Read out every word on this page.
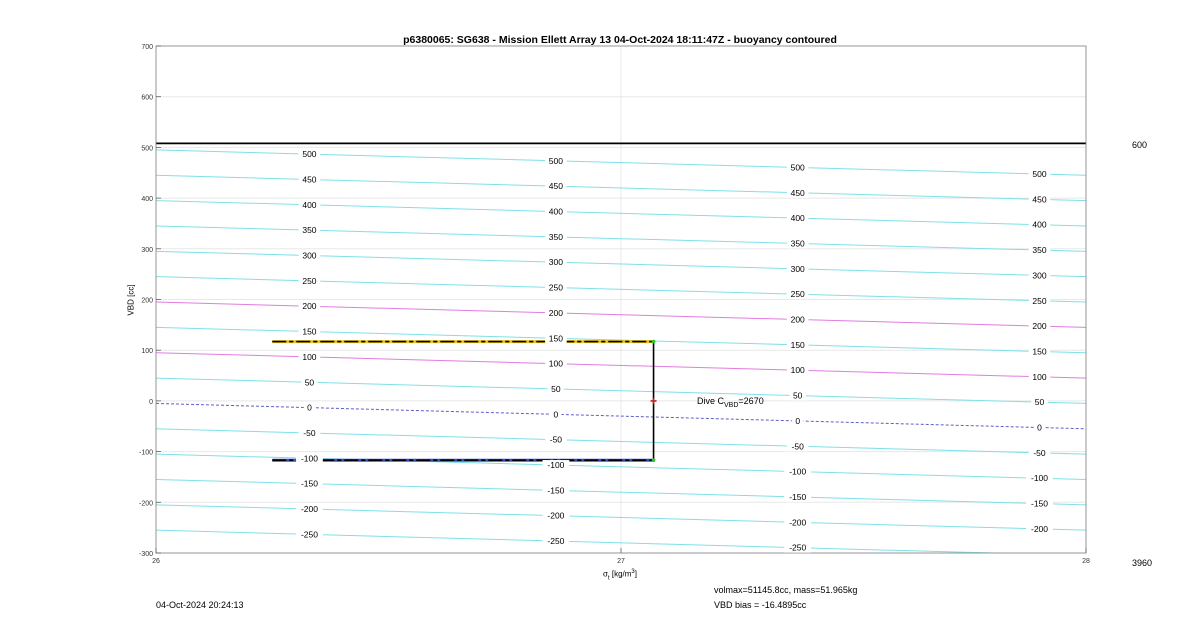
-300
-200
-100
0
100
200
300
400
500
600
700
26	27	28
-250
-250
-250
-200
-200
-200
-200
-150
-150
-150
-150
-100
-100
-100
-100
-50
-50
-50
-50
0
0
0
0
50
50
50
50
100
100
100
100
150
150
150
150
200
200
200
200
250
250
250
250
300
300
300
300
350
350
350
350
400
400
400
400
450
450
450
450
500
500
500
500
p6380065: SG638 - Mission Ellett Array 13 04-Oct-2024 18:11:47Z - buoyancy contoured
VBD [cc]
$\sigma_t$ $[kg/m^3]$
600
3960
Dive $C_{VBD}=2670$
04-Oct-2024 20:24:13
volmax=51145.8cc, mass=51.965kg
VBD bias = -16.4895cc
